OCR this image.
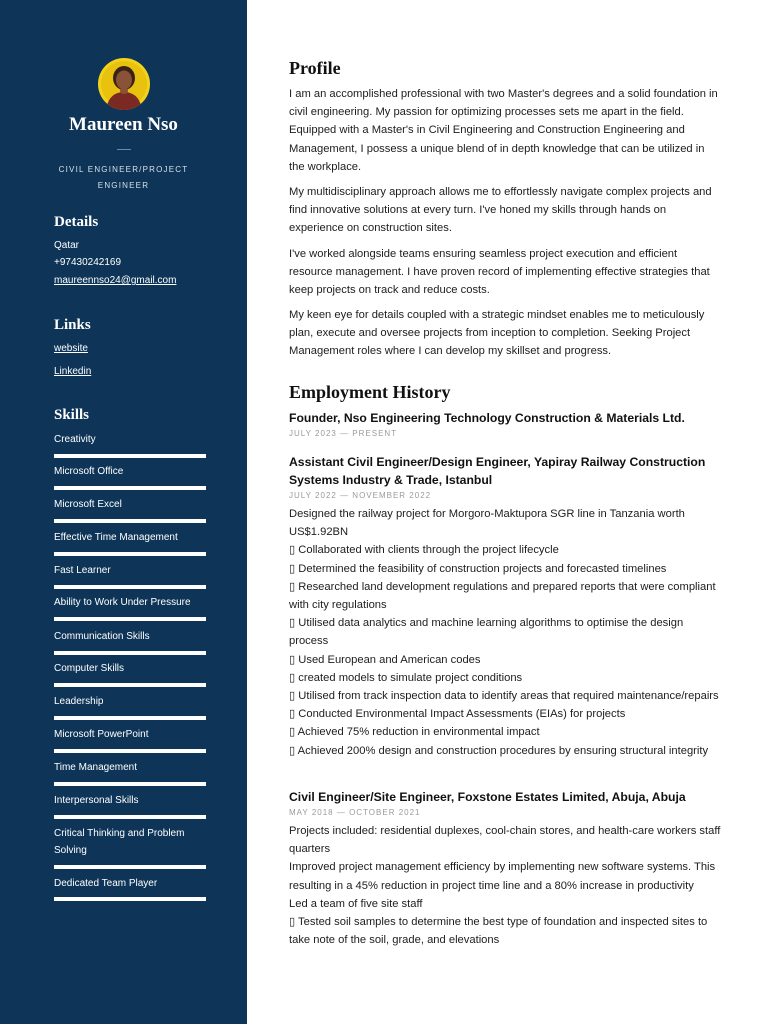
Maureen Nso
CIVIL ENGINEER/PROJECT ENGINEER
Details
Qatar
+97430242169
maureennso24@gmail.com
Links
website
Linkedin
Skills
Creativity
Microsoft Office
Microsoft Excel
Effective Time Management
Fast Learner
Ability to Work Under Pressure
Communication Skills
Computer Skills
Leadership
Microsoft PowerPoint
Time Management
Interpersonal Skills
Critical Thinking and Problem Solving
Dedicated Team Player
Profile

I am an accomplished professional with two Master's degrees and a solid foundation in civil engineering. My passion for optimizing processes sets me apart in the field. Equipped with a Master's in Civil Engineering and Construction Engineering and Management, I possess a unique blend of in depth knowledge that can be utilized in the workplace.

My multidisciplinary approach allows me to effortlessly navigate complex projects and find innovative solutions at every turn. I've honed my skills through hands on experience on construction sites.

I've worked alongside teams ensuring seamless project execution and efficient resource management. I have proven record of implementing effective strategies that keep projects on track and reduce costs.

My keen eye for details coupled with a strategic mindset enables me to meticulously plan, execute and oversee projects from inception to completion. Seeking Project Management roles where I can develop my skillset and progress.

Employment History
Founder, Nso Engineering Technology Construction & Materials Ltd.
JULY 2023 — PRESENT
Assistant Civil Engineer/Design Engineer, Yapiray Railway Construction Systems Industry & Trade, Istanbul
JULY 2022 — NOVEMBER 2022
Designed the railway project for Morgoro-Maktupora SGR line in Tanzania worth US$1.92BN
▯ Collaborated with clients through the project lifecycle
▯ Determined the feasibility of construction projects and forecasted timelines
▯ Researched land development regulations and prepared reports that were compliant with city regulations
▯ Utilised data analytics and machine learning algorithms to optimise the design process
▯ Used European and American codes
▯ created models to simulate project conditions
▯ Utilised from track inspection data to identify areas that required maintenance/repairs
▯ Conducted Environmental Impact Assessments (EIAs) for projects
▯ Achieved 75% reduction in environmental impact
▯ Achieved 200% design and construction procedures by ensuring structural integrity
Civil Engineer/Site Engineer, Foxstone Estates Limited, Abuja, Abuja
MAY 2018 — OCTOBER 2021
Projects included: residential duplexes, cool-chain stores, and health-care workers staff quarters
Improved project management efficiency by implementing new software systems. This resulting in a 45% reduction in project time line and a 80% increase in productivity
Led a team of five site staff
▯ Tested soil samples to determine the best type of foundation and inspected sites to take note of the soil, grade, and elevations
